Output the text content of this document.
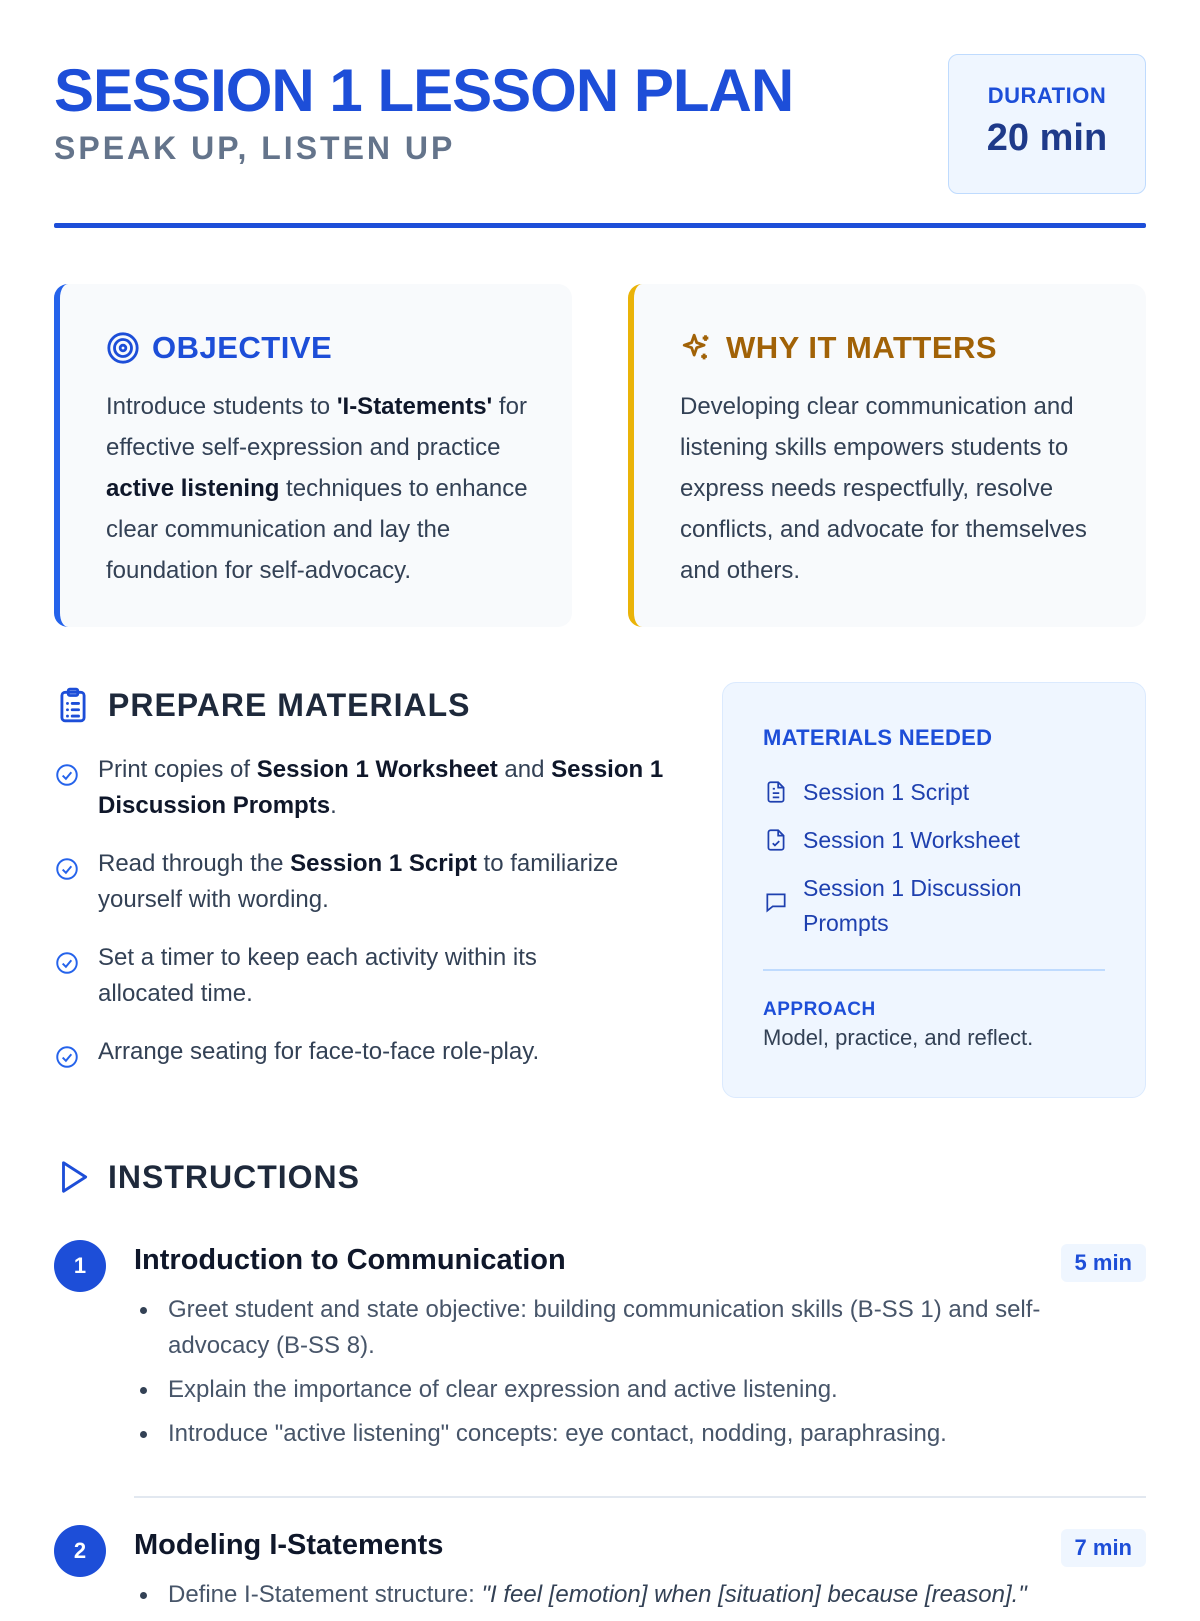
SESSION 1 LESSON PLAN
SPEAK UP, LISTEN UP
DURATION
20 min
OBJECTIVE
Introduce students to 'I-Statements' for effective self-expression and practice active listening techniques to enhance clear communication and lay the foundation for self-advocacy.
WHY IT MATTERS
Developing clear communication and listening skills empowers students to express needs respectfully, resolve conflicts, and advocate for themselves and others.
PREPARE MATERIALS
Print copies of Session 1 Worksheet and Session 1 Discussion Prompts.
Read through the Session 1 Script to familiarize yourself with wording.
Set a timer to keep each activity within its allocated time.
Arrange seating for face-to-face role-play.
MATERIALS NEEDED
Session 1 Script
Session 1 Worksheet
Session 1 Discussion Prompts
APPROACH
Model, practice, and reflect.
INSTRUCTIONS
1	Introduction to Communication	5 min
Greet student and state objective: building communication skills (B-SS 1) and self-advocacy (B-SS 8).
Explain the importance of clear expression and active listening.
Introduce "active listening" concepts: eye contact, nodding, paraphrasing.
2	Modeling I-Statements	7 min
Define I-Statement structure: "I feel [emotion] when [situation] because [reason]."
